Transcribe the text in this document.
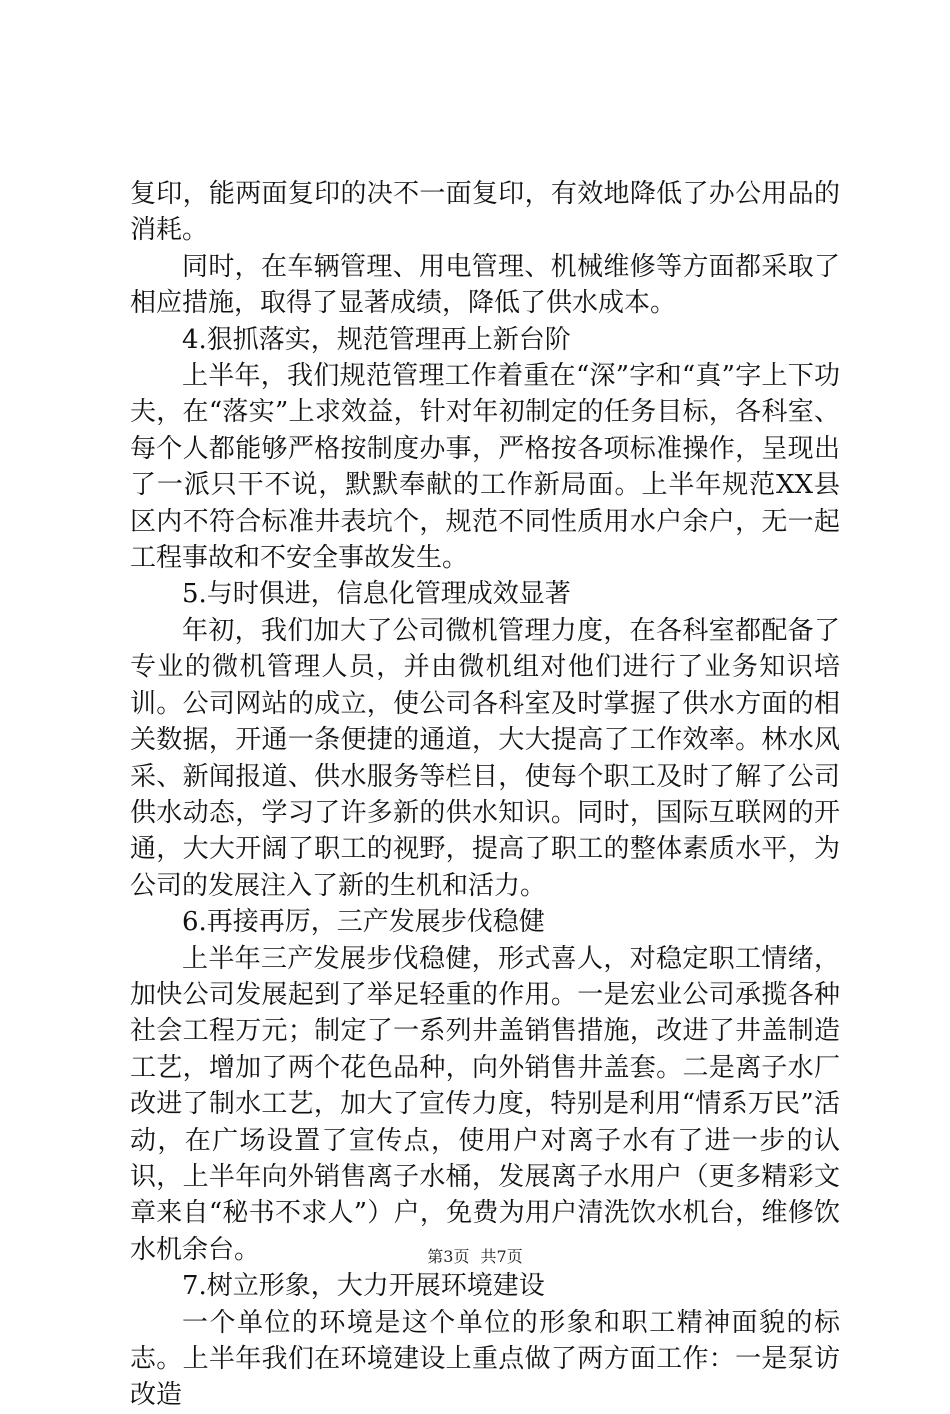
复印，能两面复印的决不一面复印，有效地降低了办公用品的消耗。

同时，在车辆管理、用电管理、机械维修等方面都采取了相应措施，取得了显著成绩，降低了供水成本。

4.狠抓落实，规范管理再上新台阶

上半年，我们规范管理工作着重在“深”字和“真”字上下功夫，在“落实”上求效益，针对年初制定的任务目标，各科室、每个人都能够严格按制度办事，严格按各项标准操作，呈现出了一派只干不说，默默奉献的工作新局面。上半年规范XX县区内不符合标准井表坑个，规范不同性质用水户余户，无一起工程事故和不安全事故发生。

5.与时俱进，信息化管理成效显著

年初，我们加大了公司微机管理力度，在各科室都配备了专业的微机管理人员，并由微机组对他们进行了业务知识培训。公司网站的成立，使公司各科室及时掌握了供水方面的相关数据，开通一条便捷的通道，大大提高了工作效率。林水风采、新闻报道、供水服务等栏目，使每个职工及时了解了公司供水动态，学习了许多新的供水知识。同时，国际互联网的开通，大大开阔了职工的视野，提高了职工的整体素质水平，为公司的发展注入了新的生机和活力。

6.再接再厉，三产发展步伐稳健

上半年三产发展步伐稳健，形式喜人，对稳定职工情绪，加快公司发展起到了举足轻重的作用。一是宏业公司承揽各种社会工程万元；制定了一系列井盖销售措施，改进了井盖制造工艺，增加了两个花色品种，向外销售井盖套。二是离子水厂改进了制水工艺，加大了宣传力度，特别是利用“情系万民”活动，在广场设置了宣传点，使用户对离子水有了进一步的认识，上半年向外销售离子水桶，发展离子水用户（更多精彩文章来自“秘书不求人”）户，免费为用户清洗饮水机台，维修饮水机余台。

7.树立形象，大力开展环境建设

一个单位的环境是这个单位的形象和职工精神面貌的标志。上半年我们在环境建设上重点做了两方面工作：一是泵访改造

第3页 共7页
